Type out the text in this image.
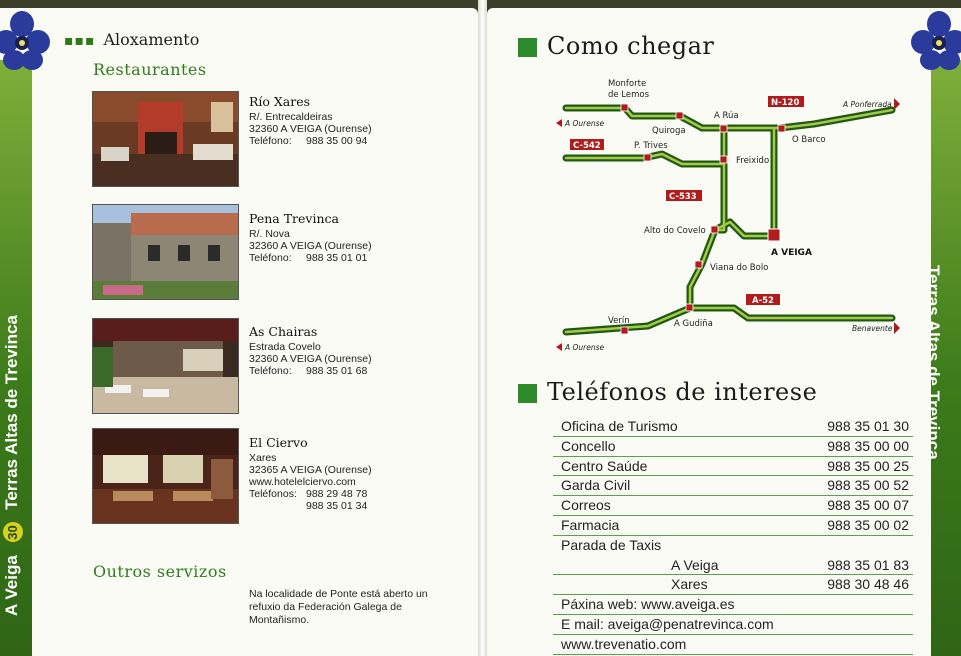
A Veiga 30 Terras Altas de Trevinca
▪▪▪ Aloxamento
Restaurantes
Río Xares
R/. Entrecaldeiras
32360 A VEIGA (Ourense)
Teléfono:	988 35 00 94
Pena Trevinca
R/. Nova
32360 A VEIGA (Ourense)
Teléfono:	988 35 01 01
As Chairas
Estrada Covelo
32360 A VEIGA (Ourense)
Teléfono:	988 35 01 68
El Ciervo
Xares
32365 A VEIGA (Ourense)
www.hotelelciervo.com
Teléfonos: 988 29 48 78
988 35 01 34
Outros servizos
Na localidade de Ponte está aberto un refuxio da Federación Galega de Montañismo.
Terras Altas de Trevinca
Como chegar
Monforte
de Lemos
A Rúa
Quiroga
O Barco
P. Trives
Freixido
Alto do Covelo
Viana do Bolo
Verín	A Gudiña
A VEIGA
N-120
C-542
C-533
A-52
A Ourense
A Ponferrada
Benavente
A Ourense
Teléfonos de interese
Oficina de Turismo	988 35 01 30
Concello	988 35 00 00
Centro Saúde	988 35 00 25
Garda Civil	988 35 00 52
Correos	988 35 00 07
Farmacia	988 35 00 02
Parada de Taxis
A Veiga	988 35 01 83
Xares	988 30 48 46
Páxina web: www.aveiga.es
E mail: aveiga@penatrevinca.com
www.trevenatio.com
